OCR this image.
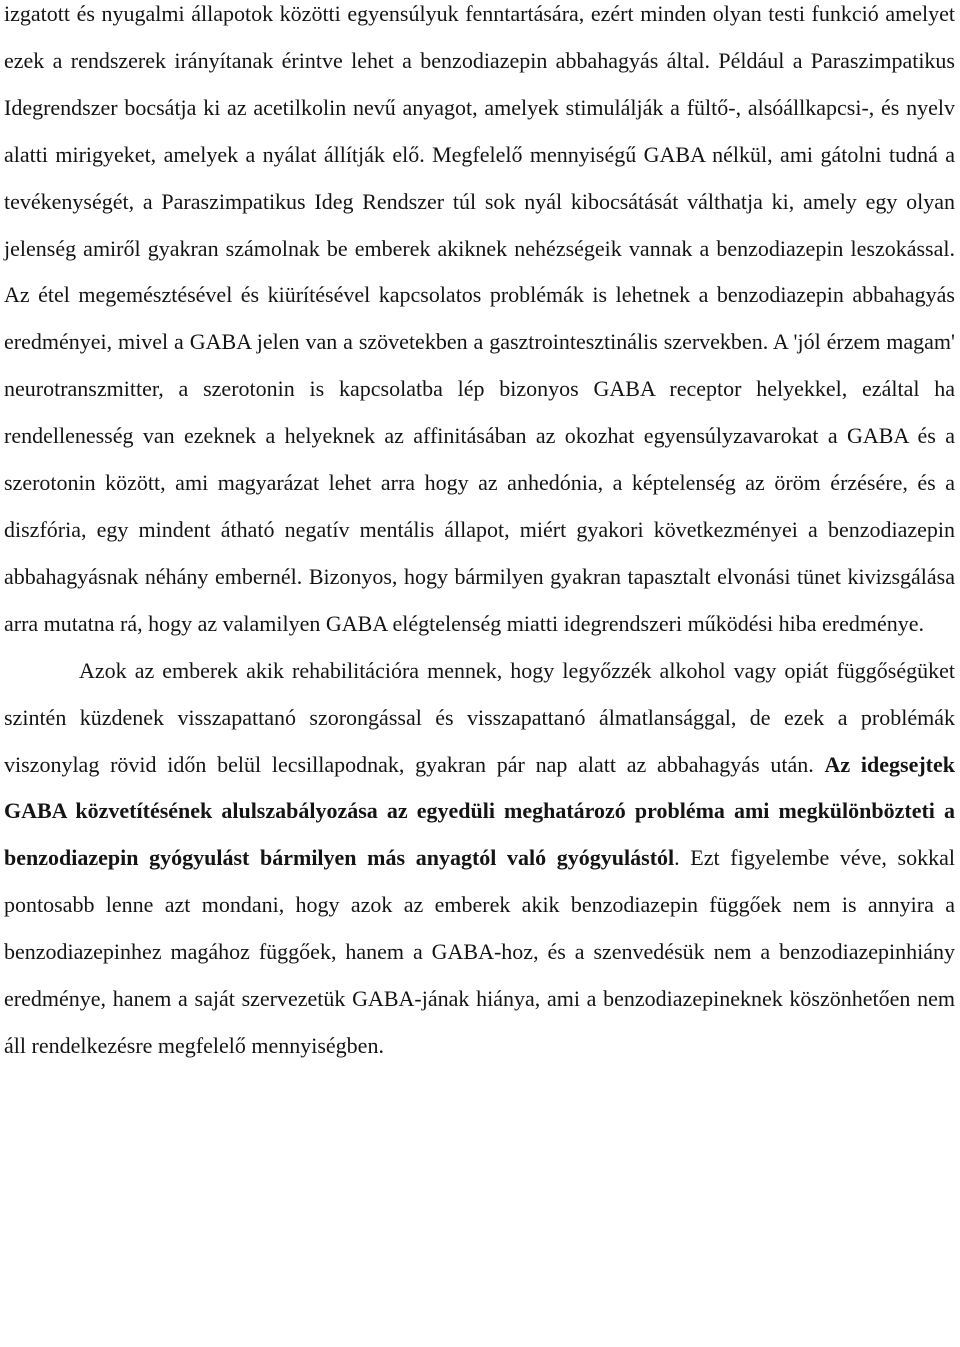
izgatott és nyugalmi állapotok közötti egyensúlyuk fenntartására, ezért minden olyan testi funkció amelyet ezek a rendszerek irányítanak érintve lehet a benzodiazepin abbahagyás által. Például a Paraszimpatikus Idegrendszer bocsátja ki az acetilkolin nevű anyagot, amelyek stimulálják a fültő-, alsóállkapcsi-, és nyelv alatti mirigyeket, amelyek a nyálat állítják elő. Megfelelő mennyiségű GABA nélkül, ami gátolni tudná a tevékenységét, a Paraszimpatikus Ideg Rendszer túl sok nyál kibocsátását válthatja ki, amely egy olyan jelenség amiről gyakran számolnak be emberek akiknek nehézségeik vannak a benzodiazepin leszokással. Az étel megemésztésével és kiürítésével kapcsolatos problémák is lehetnek a benzodiazepin abbahagyás eredményei, mivel a GABA jelen van a szövetekben a gasztrointesztinális szervekben. A 'jól érzem magam' neurotranszmitter, a szerotonin is kapcsolatba lép bizonyos GABA receptor helyekkel, ezáltal ha rendellenesség van ezeknek a helyeknek az affinitásában az okozhat egyensúlyzavarokat a GABA és a szerotonin között, ami magyarázat lehet arra hogy az anhedónia, a képtelenség az öröm érzésére, és a diszfória, egy mindent átható negatív mentális állapot, miért gyakori következményei a benzodiazepin abbahagyásnak néhány embernél. Bizonyos, hogy bármilyen gyakran tapasztalt elvonási tünet kivizsgálása arra mutatna rá, hogy az valamilyen GABA elégtelenség miatti idegrendszeri működési hiba eredménye.

Azok az emberek akik rehabilitációra mennek, hogy legyőzzék alkohol vagy opiát függőségüket szintén küzdenek visszapattanó szorongással és visszapattanó álmatlansággal, de ezek a problémák viszonylag rövid időn belül lecsillapodnak, gyakran pár nap alatt az abbahagyás után. Az idegsejtek GABA közvetítésének alulszabályozása az egyedüli meghatározó probléma ami megkülönbözteti a benzodiazepin gyógyulást bármilyen más anyagtól való gyógyulástól. Ezt figyelembe véve, sokkal pontosabb lenne azt mondani, hogy azok az emberek akik benzodiazepin függőek nem is annyira a benzodiazepinhez magához függőek, hanem a GABA-hoz, és a szenvedésük nem a benzodiazepinhiány eredménye, hanem a saját szervezetük GABA-jának hiánya, ami a benzodiazepineknek köszönhetően nem áll rendelkezésre megfelelő mennyiségben.
